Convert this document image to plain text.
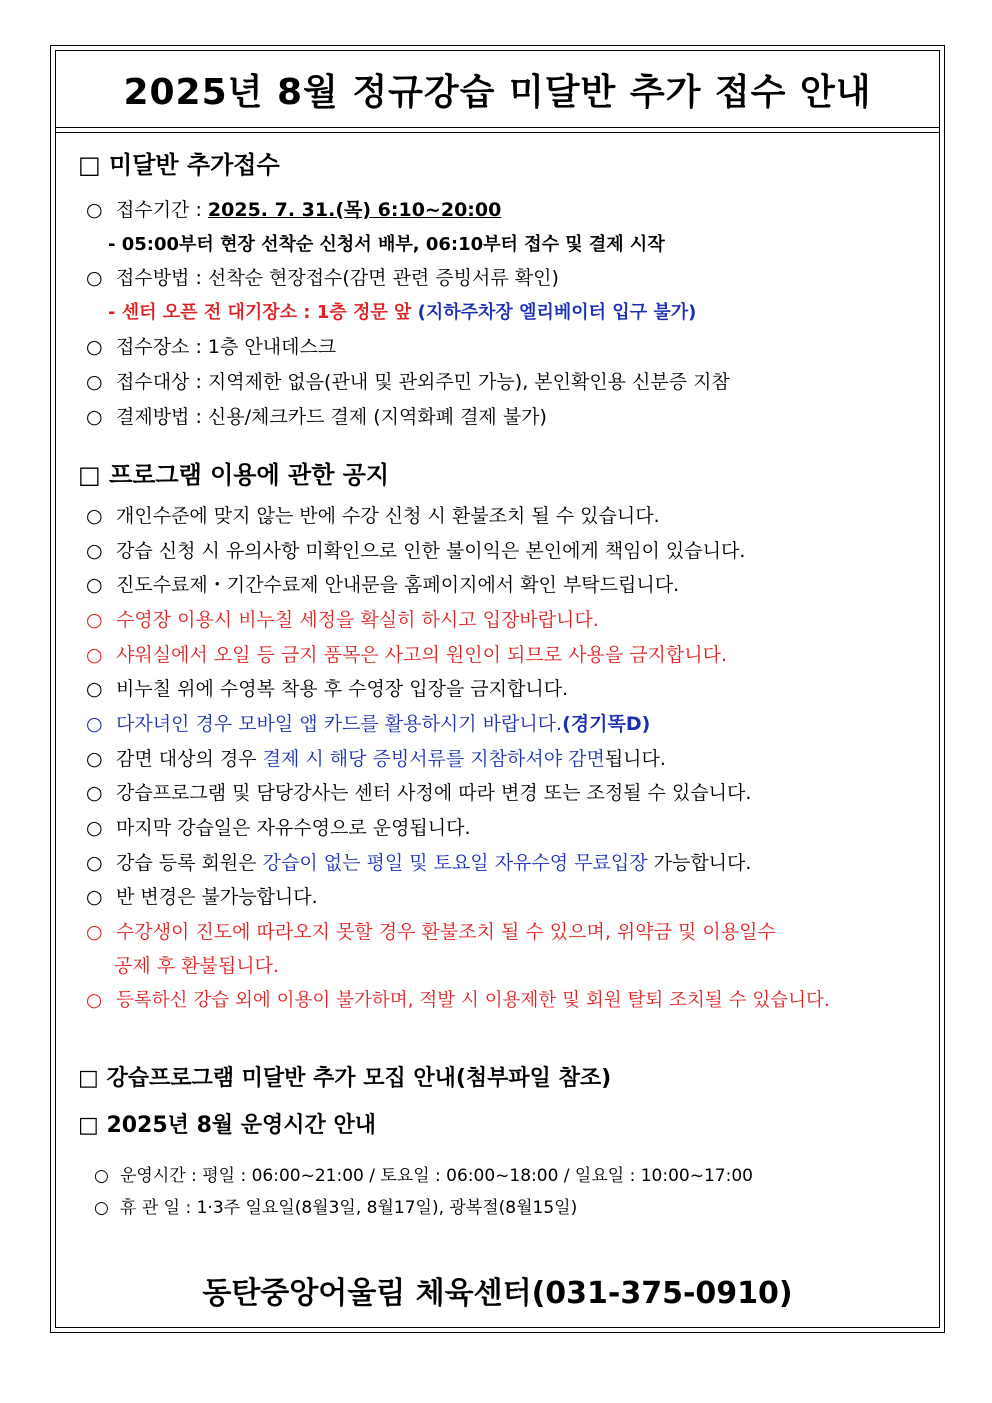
2025년 8월 정규강습 미달반 추가 접수 안내
□ 미달반 추가접수
○ 접수기간 : 2025. 7. 31.(목) 6:10~20:00
- 05:00부터 현장 선착순 신청서 배부, 06:10부터 접수 및 결제 시작
○ 접수방법 : 선착순 현장접수(감면 관련 증빙서류 확인)
- 센터 오픈 전 대기장소 : 1층 정문 앞 (지하주차장 엘리베이터 입구 불가)
○ 접수장소 : 1층 안내데스크
○ 접수대상 : 지역제한 없음(관내 및 관외주민 가능), 본인확인용 신분증 지참
○ 결제방법 : 신용/체크카드 결제 (지역화폐 결제 불가)
□ 프로그램 이용에 관한 공지
○ 개인수준에 맞지 않는 반에 수강 신청 시 환불조치 될 수 있습니다.
○ 강습 신청 시 유의사항 미확인으로 인한 불이익은 본인에게 책임이 있습니다.
○ 진도수료제・기간수료제 안내문을 홈페이지에서 확인 부탁드립니다.
○ 수영장 이용시 비누칠 세정을 확실히 하시고 입장바랍니다.
○ 샤워실에서 오일 등 금지 품목은 사고의 원인이 되므로 사용을 금지합니다.
○ 비누칠 위에 수영복 착용 후 수영장 입장을 금지합니다.
○ 다자녀인 경우 모바일 앱 카드를 활용하시기 바랍니다.(경기똑D)
○ 감면 대상의 경우 결제 시 해당 증빙서류를 지참하셔야 감면됩니다.
○ 강습프로그램 및 담당강사는 센터 사정에 따라 변경 또는 조정될 수 있습니다.
○ 마지막 강습일은 자유수영으로 운영됩니다.
○ 강습 등록 회원은 강습이 없는 평일 및 토요일 자유수영 무료입장 가능합니다.
○ 반 변경은 불가능합니다.
○ 수강생이 진도에 따라오지 못할 경우 환불조치 될 수 있으며, 위약금 및 이용일수
공제 후 환불됩니다.
○ 등록하신 강습 외에 이용이 불가하며, 적발 시 이용제한 및 회원 탈퇴 조치될 수 있습니다.
□ 강습프로그램 미달반 추가 모집 안내(첨부파일 참조)
□ 2025년 8월 운영시간 안내
○ 운영시간 : 평일 : 06:00~21:00 / 토요일 : 06:00~18:00 / 일요일 : 10:00~17:00
○ 휴 관 일 : 1·3주 일요일(8월3일, 8월17일), 광복절(8월15일)
동탄중앙어울림 체육센터(031-375-0910)
